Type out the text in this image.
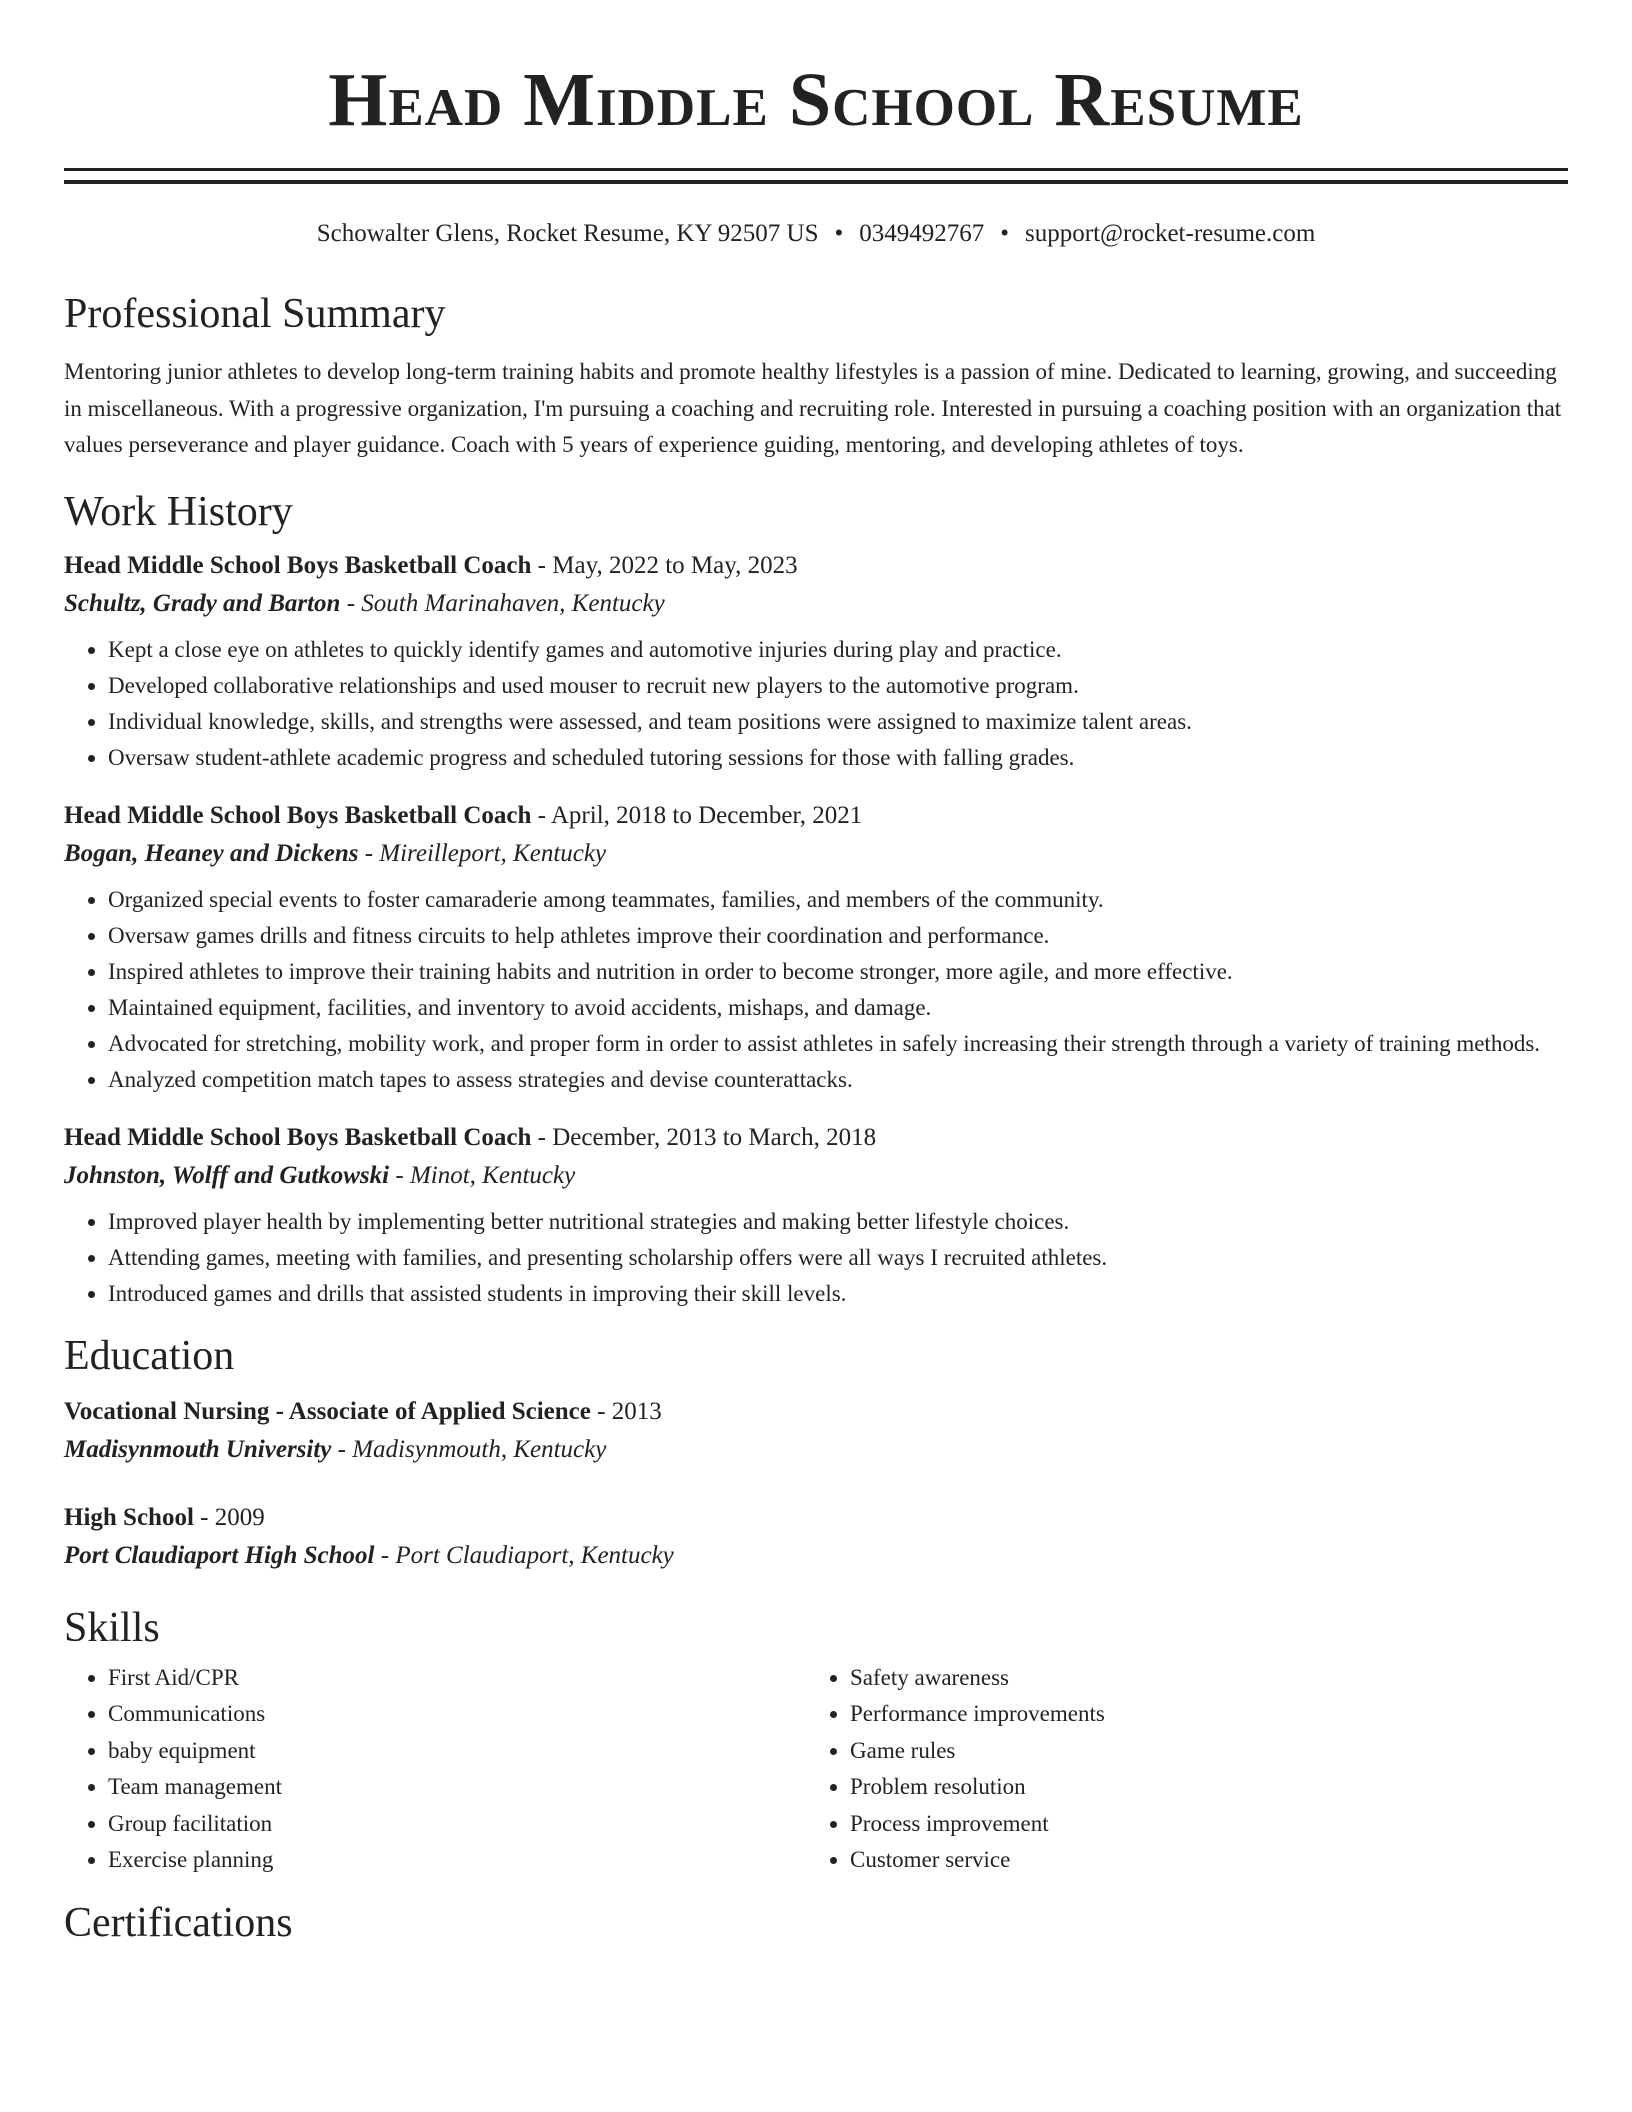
Head Middle School Resume
Schowalter Glens, Rocket Resume, KY 92507 US • 0349492767 • support@rocket-resume.com
Professional Summary

Mentoring junior athletes to develop long-term training habits and promote healthy lifestyles is a passion of mine. Dedicated to learning, growing, and succeeding in miscellaneous. With a progressive organization, I'm pursuing a coaching and recruiting role. Interested in pursuing a coaching position with an organization that values perseverance and player guidance. Coach with 5 years of experience guiding, mentoring, and developing athletes of toys.

Work History
Head Middle School Boys Basketball Coach - May, 2022 to May, 2023
Schultz, Grady and Barton - South Marinahaven, Kentucky
• Kept a close eye on athletes to quickly identify games and automotive injuries during play and practice.
• Developed collaborative relationships and used mouser to recruit new players to the automotive program.
• Individual knowledge, skills, and strengths were assessed, and team positions were assigned to maximize talent areas.
• Oversaw student-athlete academic progress and scheduled tutoring sessions for those with falling grades.
Head Middle School Boys Basketball Coach - April, 2018 to December, 2021
Bogan, Heaney and Dickens - Mireilleport, Kentucky
• Organized special events to foster camaraderie among teammates, families, and members of the community.
• Oversaw games drills and fitness circuits to help athletes improve their coordination and performance.
• Inspired athletes to improve their training habits and nutrition in order to become stronger, more agile, and more effective.
• Maintained equipment, facilities, and inventory to avoid accidents, mishaps, and damage.
• Advocated for stretching, mobility work, and proper form in order to assist athletes in safely increasing their strength through a variety of training methods.
• Analyzed competition match tapes to assess strategies and devise counterattacks.
Head Middle School Boys Basketball Coach - December, 2013 to March, 2018
Johnston, Wolff and Gutkowski - Minot, Kentucky
• Improved player health by implementing better nutritional strategies and making better lifestyle choices.
• Attending games, meeting with families, and presenting scholarship offers were all ways I recruited athletes.
• Introduced games and drills that assisted students in improving their skill levels.
Education
Vocational Nursing - Associate of Applied Science - 2013
Madisynmouth University - Madisynmouth, Kentucky
High School - 2009
Port Claudiaport High School - Port Claudiaport, Kentucky
Skills
• First Aid/CPR
• Communications
• baby equipment
• Team management
• Group facilitation
• Exercise planning
• Safety awareness
• Performance improvements
• Game rules
• Problem resolution
• Process improvement
• Customer service
Certifications
